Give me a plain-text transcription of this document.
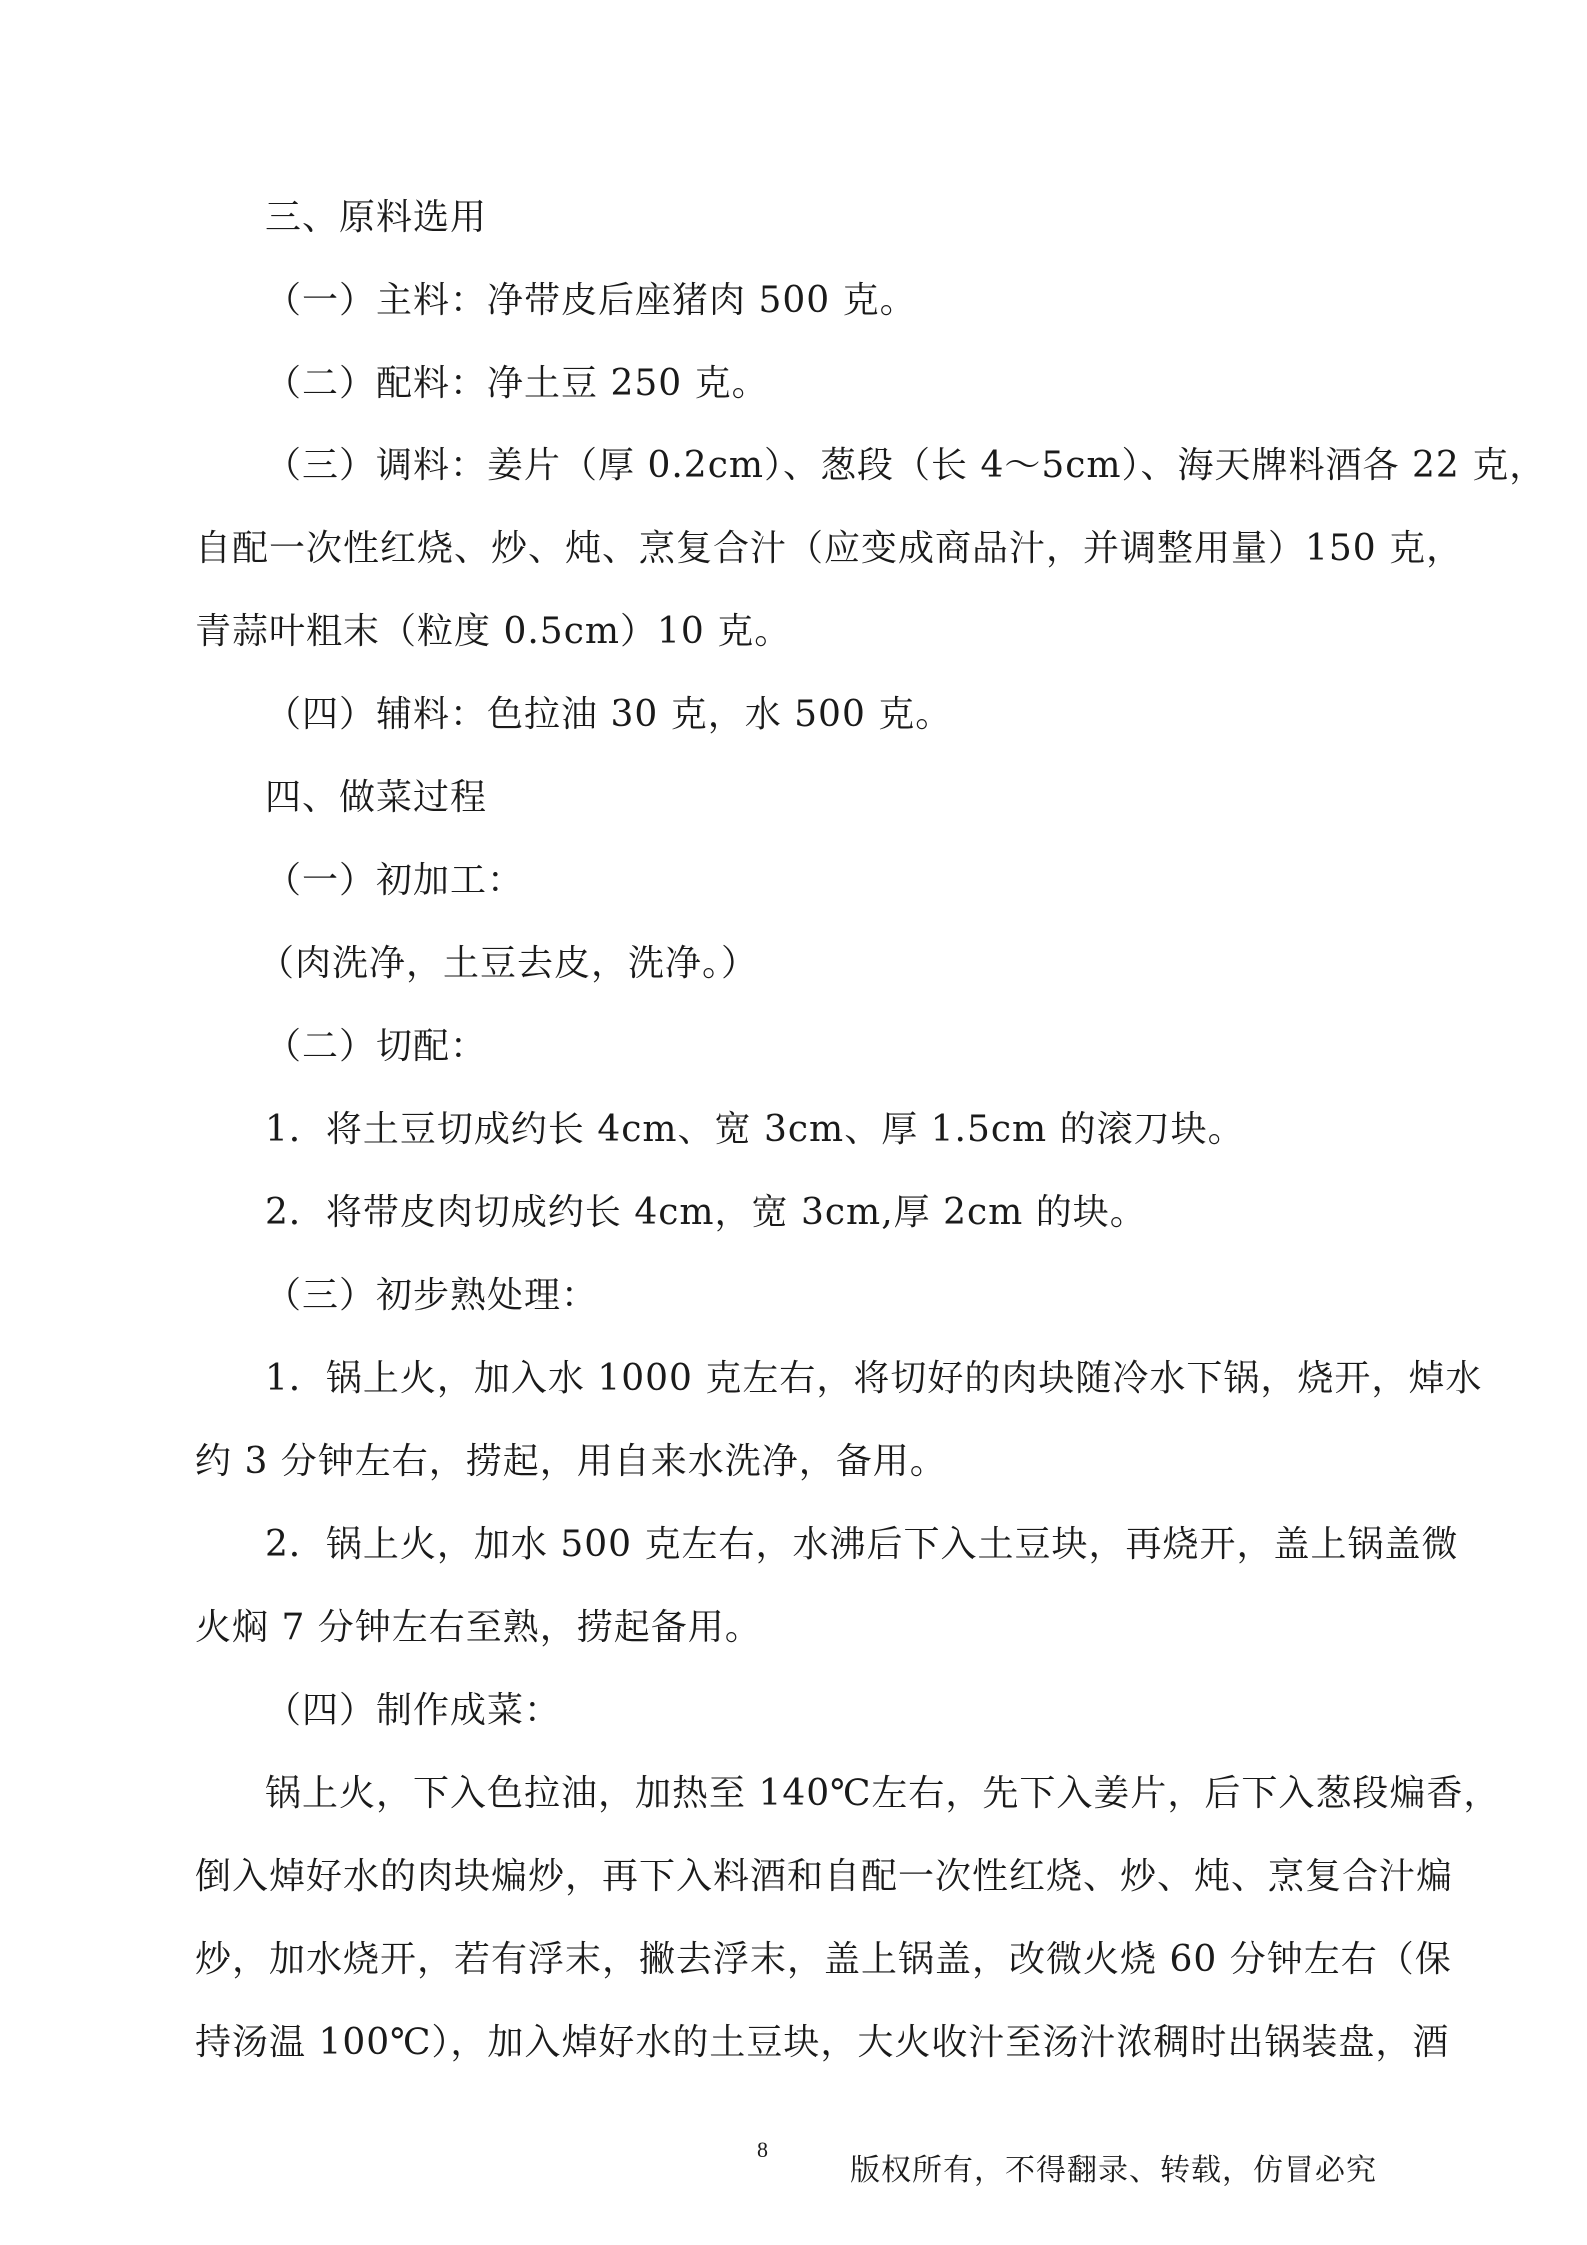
三、原料选用
（一）主料：净带皮后座猪肉 500 克。
（二）配料：净土豆 250 克。
（三）调料：姜片（厚 0.2cm）、葱段（长 4～5cm）、海天牌料酒各 22 克，
自配一次性红烧、炒、炖、烹复合汁（应变成商品汁，并调整用量）150 克，
青蒜叶粗末（粒度 0.5cm）10 克。
（四）辅料：色拉油 30 克，水 500 克。
四、做菜过程
（一）初加工：
（肉洗净，土豆去皮，洗净。）
（二）切配：
1．将土豆切成约长 4cm、宽 3cm、厚 1.5cm 的滚刀块。
2．将带皮肉切成约长 4cm，宽 3cm,厚 2cm 的块。
（三）初步熟处理：
1．锅上火，加入水 1000 克左右，将切好的肉块随冷水下锅，烧开，焯水
约 3 分钟左右，捞起，用自来水洗净，备用。
2．锅上火，加水 500 克左右，水沸后下入土豆块，再烧开，盖上锅盖微
火焖 7 分钟左右至熟，捞起备用。
（四）制作成菜：
锅上火，下入色拉油，加热至 140℃左右，先下入姜片，后下入葱段煸香，
倒入焯好水的肉块煸炒，再下入料酒和自配一次性红烧、炒、炖、烹复合汁煸
炒，加水烧开，若有浮末，撇去浮末，盖上锅盖，改微火烧 60 分钟左右（保
持汤温 100℃），加入焯好水的土豆块，大火收汁至汤汁浓稠时出锅装盘，酒
8
版权所有，不得翻录、转载，仿冒必究
